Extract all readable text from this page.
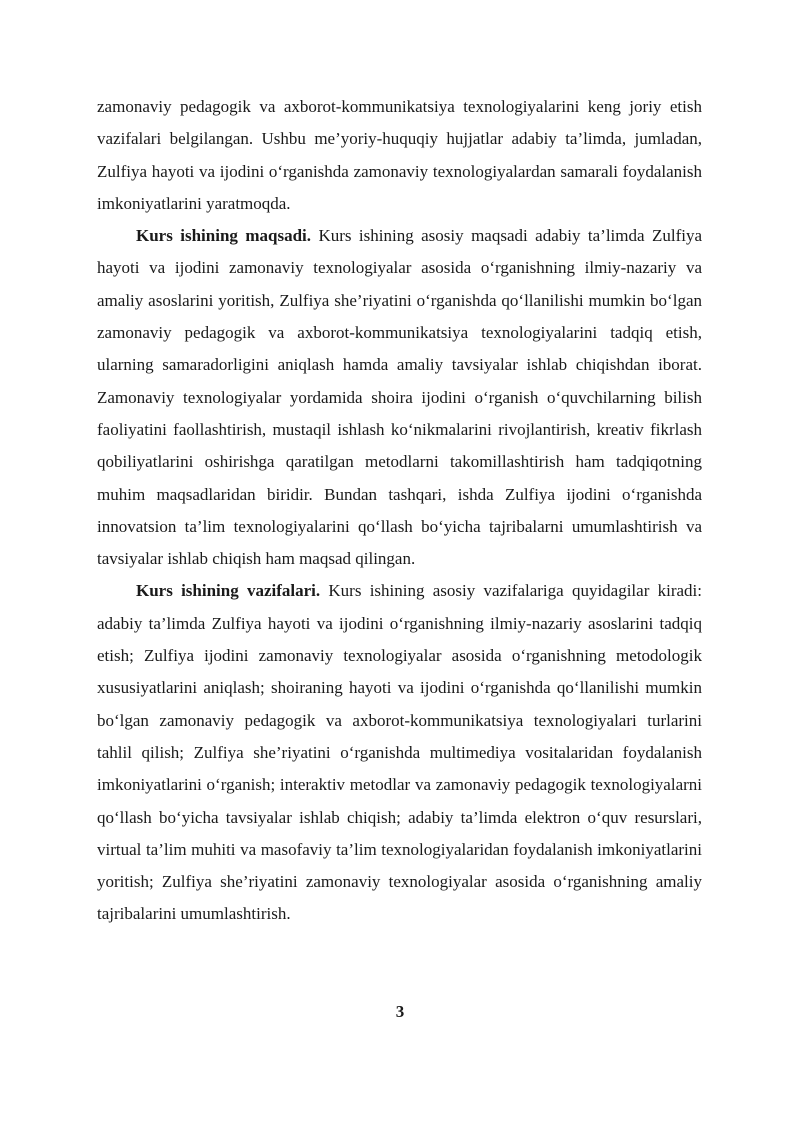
zamonaviy pedagogik va axborot-kommunikatsiya texnologiyalarini keng joriy etish vazifalari belgilangan. Ushbu me’yoriy-huquqiy hujjatlar adabiy ta’limda, jumladan, Zulfiya hayoti va ijodini o‘rganishda zamonaviy texnologiyalardan samarali foydalanish imkoniyatlarini yaratmoqda.

Kurs ishining maqsadi. Kurs ishining asosiy maqsadi adabiy ta’limda Zulfiya hayoti va ijodini zamonaviy texnologiyalar asosida o‘rganishning ilmiy-nazariy va amaliy asoslarini yoritish, Zulfiya she’riyatini o‘rganishda qo‘llanilishi mumkin bo‘lgan zamonaviy pedagogik va axborot-kommunikatsiya texnologiyalarini tadqiq etish, ularning samaradorligini aniqlash hamda amaliy tavsiyalar ishlab chiqishdan iborat. Zamonaviy texnologiyalar yordamida shoira ijodini o‘rganish o‘quvchilarning bilish faoliyatini faollashtirish, mustaqil ishlash ko‘nikmalarini rivojlantirish, kreativ fikrlash qobiliyatlarini oshirishga qaratilgan metodlarni takomillashtirish ham tadqiqotning muhim maqsadlaridan biridir. Bundan tashqari, ishda Zulfiya ijodini o‘rganishda innovatsion ta’lim texnologiyalarini qo‘llash bo‘yicha tajribalarni umumlashtirish va tavsiyalar ishlab chiqish ham maqsad qilingan.

Kurs ishining vazifalari. Kurs ishining asosiy vazifalariga quyidagilar kiradi: adabiy ta’limda Zulfiya hayoti va ijodini o‘rganishning ilmiy-nazariy asoslarini tadqiq etish; Zulfiya ijodini zamonaviy texnologiyalar asosida o‘rganishning metodologik xususiyatlarini aniqlash; shoiraning hayoti va ijodini o‘rganishda qo‘llanilishi mumkin bo‘lgan zamonaviy pedagogik va axborot-kommunikatsiya texnologiyalari turlarini tahlil qilish; Zulfiya she’riyatini o‘rganishda multimediya vositalaridan foydalanish imkoniyatlarini o‘rganish; interaktiv metodlar va zamonaviy pedagogik texnologiyalarni qo‘llash bo‘yicha tavsiyalar ishlab chiqish; adabiy ta’limda elektron o‘quv resurslari, virtual ta’lim muhiti va masofaviy ta’lim texnologiyalaridan foydalanish imkoniyatlarini yoritish; Zulfiya she’riyatini zamonaviy texnologiyalar asosida o‘rganishning amaliy tajribalarini umumlashtirish.

3
